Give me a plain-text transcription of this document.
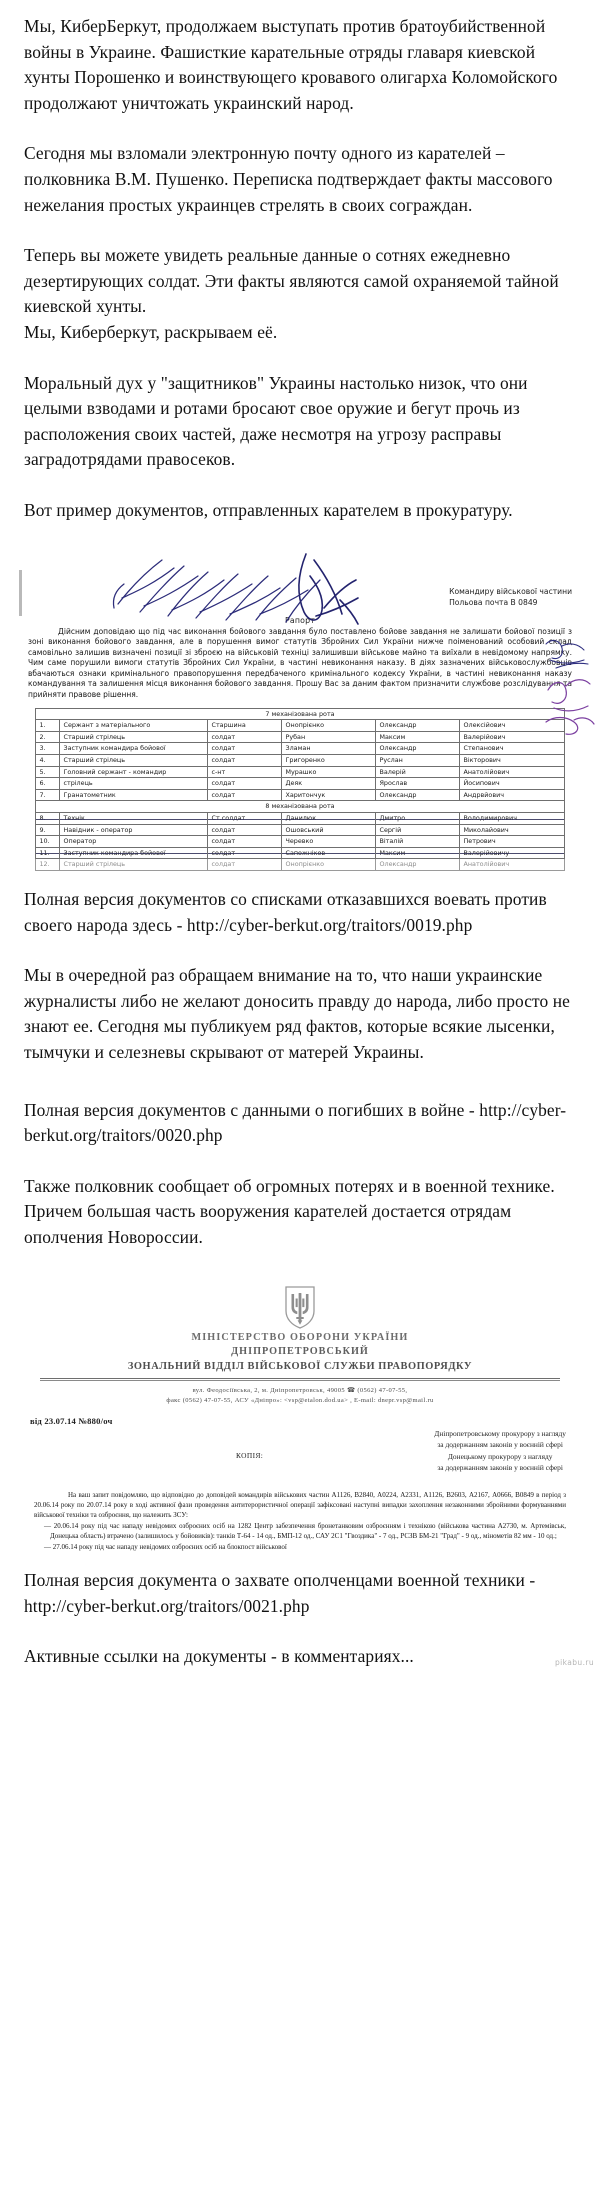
Мы, КиберБеркут, продолжаем выступать против братоубийственной войны в Украине. Фашисткие карательные отряды главаря киевской хунты Порошенко и воинствующего кровавого олигарха Коломойского продолжают уничтожать украинский народ.

Сегодня мы взломали электронную почту одного из карателей – полковника В.М. Пушенко. Переписка подтверждает факты массового нежелания простых украинцев стрелять в своих сограждан.

Теперь вы можете увидеть реальные данные о сотнях ежедневно дезертирующих солдат. Эти факты являются самой охраняемой тайной киевской хунты.

Мы, Киберберкут, раскрываем её.

Моральный дух у "защитников" Украины настолько низок, что они целыми взводами и ротами бросают свое оружие и бегут прочь из расположения своих частей, даже несмотря на угрозу расправы заградотрядами правосеков.

Вот пример документов, отправленных карателем в прокуратуру.

Командиру військової частини
Польова почта В 0849
Рапорт
Дійсним доповідаю що під час виконання бойового завдання було поставлено бойове завдання не залишати бойової позиції з зоні виконання бойового завдання, але в порушення вимог статутів Збройних Сил України нижче поіменований особовий склад самовільно залишив визначені позиції зі зброєю на військовій техніці залишивши військове майно та виїхали в невідомому напрямку. Чим саме порушили вимоги статутів Збройних Сил України, в частині невиконання наказу. В діях зазначених військовослужбовців вбачаються ознаки кримінального правопорушення передбаченого кримінального кодексу України, в частині невиконання наказу командування та залишення місця виконання бойового завдання. Прошу Вас за даним фактом призначити службове розслідування та прийняти правове рішення.
7 механізована рота					
1.	Сержант з матеріального	Старшина	Онопрієнко	Олександр	Олексійович
2.	Старший стрілець	солдат	Рубан	Максим	Валерійович
3.	Заступник командира бойової	солдат	Зламан	Олександр	Степанович
4.	Старший стрілець	солдат	Григоренко	Руслан	Вікторович
5.	Головний сержант - командир	с-нт	Мурашко	Валерій	Анатолійович
6.	стрілець	солдат	Деяк	Ярослав	Йосипович
7.	Гранатометник	солдат	Харитончук	Олександр	Андрвйович
8 механізована рота					
8.	Технік	Ст.солдат	Данилюк	Дмитро	Володимирович
9.	Навідник - оператор	солдат	Ошовський	Сергій	Миколайович
10.	Оператор	солдат	Черевко	Віталій	Петрович
11.	Заступник командира бойової	солдат	Сапожніков	Максим	Валерійовичу
12.	Старший стрілець	солдат	Онопрієнко	Олександр	Анатолійович

Полная версия документов со списками отказавшихся воевать против своего народа здесь - http://cyber-berkut.org/traitors/0019.php

Мы в очередной раз обращаем внимание на то, что наши украинские журналисты либо не желают доносить правду до народа, либо просто не знают ее. Сегодня мы публикуем ряд фактов, которые всякие лысенки, тымчуки и селезневы скрывают от матерей Украины.

Полная версия документов с данными о погибших в войне - http://cyber-berkut.org/traitors/0020.php

Также полковник сообщает об огромных потерях и в военной технике. Причем большая часть вооружения карателей достается отрядам ополчения Новороссии.

МІНІСТЕРСТВО ОБОРОНИ УКРАЇНИ
ДНІПРОПЕТРОВСЬКИЙ
ЗОНАЛЬНИЙ ВІДДІЛ ВІЙСЬКОВОЇ СЛУЖБИ ПРАВОПОРЯДКУ
вул. Феодосіївська, 2, м. Дніпропетровськ, 49005 ☎ (0562) 47-07-55,
факс (0562) 47-07-55, АСУ «Дніпро»: <vsp@etalon.dod.ua> , E-mail: dnepr.vsp@mail.ru
від 23.07.14 №880/оч
Дніпропетровському прокурору з нагляду
за додержанням законів у воєнній сфері
Донецькому прокурору з нагляду
за додержанням законів у воєнній сфері
КОПІЯ:
На ваш запит повідомляю, що відповідно до доповідей командирів військових частин А1126, В2840, А0224, А2331, А1126, В2603, А2167, А0666, В0849 в період з 20.06.14 року по 20.07.14 року в ході активної фази проведення антитерористичної операції зафіксовані наступні випадки захоплення незаконними збройними формуваннями військової техніки та озброєння, що належить ЗСУ:
— 20.06.14 року під час нападу невідомих озброєних осіб на 1282 Центр забезпечення бронетанковим озброєнням і технікою (військова частина А2730, м. Артемівськ, Донецька область) втрачено (залишилось у бойовиків): танків Т-64 - 14 од., БМП-12 од., САУ 2С1 "Гвоздика" - 7 од., РСЗВ БМ-21 "Град" - 9 од., мінометів 82 мм - 10 од.;
— 27.06.14 року під час нападу невідомих озброєних осіб на блокпост військової

Полная версия документа о захвате ополченцами военной техники - http://cyber-berkut.org/traitors/0021.php

Активные ссылки на документы - в комментариях...	pikabu.ru
